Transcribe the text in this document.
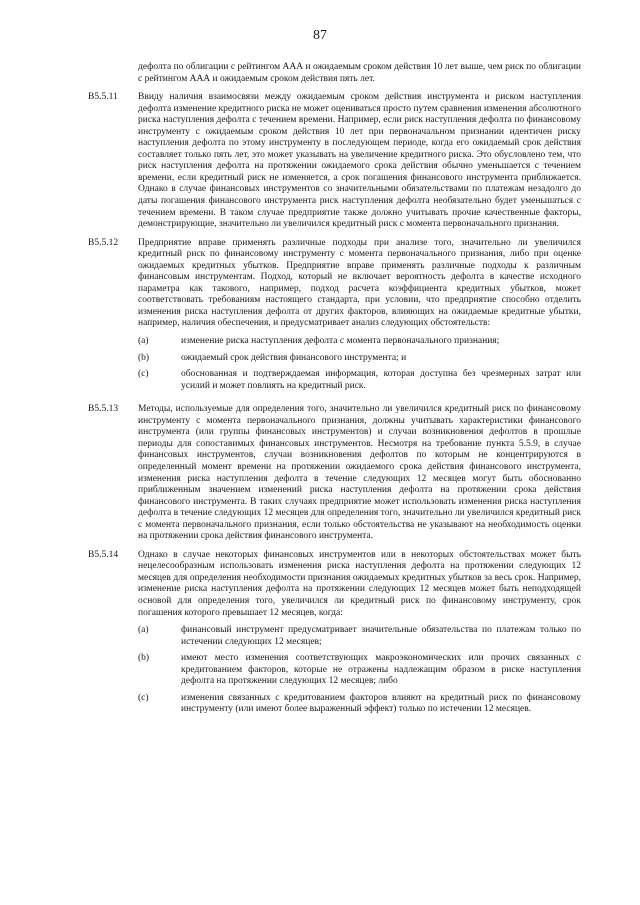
87

дефолта по облигации с рейтингом ААА и ожидаемым сроком действия 10 лет выше, чем риск по облигации с рейтингом ААА и ожидаемым сроком действия пять лет.

В5.5.11	Ввиду наличия взаимосвязи между ожидаемым сроком действия инструмента и риском наступления дефолта изменение кредитного риска не может оцениваться просто путем сравнения изменения абсолютного риска наступления дефолта с течением времени. Например, если риск наступления дефолта по финансовому инструменту с ожидаемым сроком действия 10 лет при первоначальном признании идентичен риску наступления дефолта по этому инструменту в последующем периоде, когда его ожидаемый срок действия составляет только пять лет, это может указывать на увеличение кредитного риска. Это обусловлено тем, что риск наступления дефолта на протяжении ожидаемого срока действия обычно уменьшается с течением времени, если кредитный риск не изменяется, а срок погашения финансового инструмента приближается. Однако в случае финансовых инструментов со значительными обязательствами по платежам незадолго до даты погашения финансового инструмента риск наступления дефолта необязательно будет уменьшаться с течением времени. В таком случае предприятие также должно учитывать прочие качественные факторы, демонстрирующие, значительно ли увеличился кредитный риск с момента первоначального признания.

В5.5.12	Предприятие вправе применять различные подходы при анализе того, значительно ли увеличился кредитный риск по финансовому инструменту с момента первоначального признания, либо при оценке ожидаемых кредитных убытков. Предприятие вправе применять различные подходы к различным финансовым инструментам. Подход, который не включает вероятность дефолта в качестве исходного параметра как такового, например, подход расчета коэффициента кредитных убытков, может соответствовать требованиям настоящего стандарта, при условии, что предприятие способно отделить изменения риска наступления дефолта от других факторов, влияющих на ожидаемые кредитные убытки, например, наличия обеспечения, и предусматривает анализ следующих обстоятельств:

(a)	изменение риска наступления дефолта с момента первоначального признания;
(b)	ожидаемый срок действия финансового инструмента; и
(c)	обоснованная и подтверждаемая информация, которая доступна без чрезмерных затрат или усилий и может повлиять на кредитный риск.
В5.5.13	Методы, используемые для определения того, значительно ли увеличился кредитный риск по финансовому инструменту с момента первоначального признания, должны учитывать характеристики финансового инструмента (или группы финансовых инструментов) и случаи возникновения дефолтов в прошлые периоды для сопоставимых финансовых инструментов. Несмотря на требование пункта 5.5.9, в случае финансовых инструментов, случаи возникновения дефолтов по которым не концентрируются в определенный момент времени на протяжении ожидаемого срока действия финансового инструмента, изменения риска наступления дефолта в течение следующих 12 месяцев могут быть обоснованно приближенным значением изменений риска наступления дефолта на протяжении срока действия финансового инструмента. В таких случаях предприятие может использовать изменения риска наступления дефолта в течение следующих 12 месяцев для определения того, значительно ли увеличился кредитный риск с момента первоначального признания, если только обстоятельства не указывают на необходимость оценки на протяжении срока действия финансового инструмента.

В5.5.14	Однако в случае некоторых финансовых инструментов или в некоторых обстоятельствах может быть нецелесообразным использовать изменения риска наступления дефолта на протяжении следующих 12 месяцев для определения необходимости признания ожидаемых кредитных убытков за весь срок. Например, изменение риска наступления дефолта на протяжении следующих 12 месяцев может быть неподходящей основой для определения того, увеличился ли кредитный риск по финансовому инструменту, срок погашения которого превышает 12 месяцев, когда:

(a)	финансовый инструмент предусматривает значительные обязательства по платежам только по истечении следующих 12 месяцев;
(b)	имеют место изменения соответствующих макроэкономических или прочих связанных с кредитованием факторов, которые не отражены надлежащим образом в риске наступления дефолта на протяжении следующих 12 месяцев; либо
(c)	изменения связанных с кредитованием факторов влияют на кредитный риск по финансовому инструменту (или имеют более выраженный эффект) только по истечении 12 месяцев.
